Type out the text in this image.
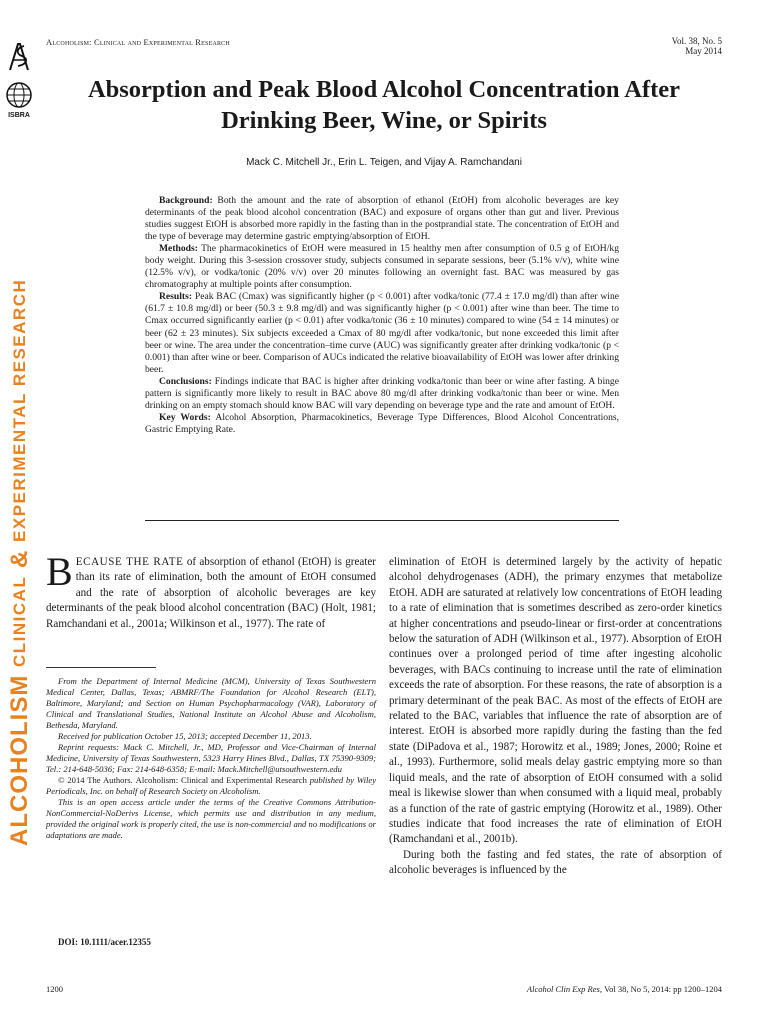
ISBRA
ALCOHOLISM CLINICAL & EXPERIMENTAL RESEARCH
Alcoholism: Clinical and Experimental Research	Vol. 38, No. 5
May 2014
Absorption and Peak Blood Alcohol Concentration After
Drinking Beer, Wine, or Spirits
Mack C. Mitchell Jr., Erin L. Teigen, and Vijay A. Ramchandani

Background: Both the amount and the rate of absorption of ethanol (EtOH) from alcoholic beverages are key determinants of the peak blood alcohol concentration (BAC) and exposure of organs other than gut and liver. Previous studies suggest EtOH is absorbed more rapidly in the fasting than in the postprandial state. The concentration of EtOH and the type of beverage may determine gastric emptying/absorption of EtOH.

Methods: The pharmacokinetics of EtOH were measured in 15 healthy men after consumption of 0.5 g of EtOH/kg body weight. During this 3-session crossover study, subjects consumed in separate sessions, beer (5.1% v/v), white wine (12.5% v/v), or vodka/tonic (20% v/v) over 20 minutes following an overnight fast. BAC was measured by gas chromatography at multiple points after consumption.

Results: Peak BAC (Cmax) was significantly higher (p < 0.001) after vodka/tonic (77.4 ± 17.0 mg/dl) than after wine (61.7 ± 10.8 mg/dl) or beer (50.3 ± 9.8 mg/dl) and was significantly higher (p < 0.001) after wine than beer. The time to Cmax occurred significantly earlier (p < 0.01) after vodka/tonic (36 ± 10 minutes) compared to wine (54 ± 14 minutes) or beer (62 ± 23 minutes). Six subjects exceeded a Cmax of 80 mg/dl after vodka/tonic, but none exceeded this limit after beer or wine. The area under the concentration–time curve (AUC) was significantly greater after drinking vodka/tonic (p < 0.001) than after wine or beer. Comparison of AUCs indicated the relative bioavailability of EtOH was lower after drinking beer.

Conclusions: Findings indicate that BAC is higher after drinking vodka/tonic than beer or wine after fasting. A binge pattern is significantly more likely to result in BAC above 80 mg/dl after drinking vodka/tonic than beer or wine. Men drinking on an empty stomach should know BAC will vary depending on beverage type and the rate and amount of EtOH.

Key Words: Alcohol Absorption, Pharmacokinetics, Beverage Type Differences, Blood Alcohol Concentrations, Gastric Emptying Rate.

BECAUSE THE RATE of absorption of ethanol (EtOH) is greater than its rate of elimination, both the amount of EtOH consumed and the rate of absorption of alcoholic beverages are key determinants of the peak blood alcohol concentration (BAC) (Holt, 1981; Ramchandani et al., 2001a; Wilkinson et al., 1977). The rate of

From the Department of Internal Medicine (MCM), University of Texas Southwestern Medical Center, Dallas, Texas; ABMRF/The Foundation for Alcohol Research (ELT), Baltimore, Maryland; and Section on Human Psychopharmacology (VAR), Laboratory of Clinical and Translational Studies, National Institute on Alcohol Abuse and Alcoholism, Bethesda, Maryland.

Received for publication October 15, 2013; accepted December 11, 2013.

Reprint requests: Mack C. Mitchell, Jr., MD, Professor and Vice-Chairman of Internal Medicine, University of Texas Southwestern, 5323 Harry Hines Blvd., Dallas, TX 75390-9309; Tel.: 214-648-5036; Fax: 214-648-6358; E-mail: Mack.Mitchell@utsouthwestern.edu

© 2014 The Authors. Alcoholism: Clinical and Experimental Research published by Wiley Periodicals, Inc. on behalf of Research Society on Alcoholism.

This is an open access article under the terms of the Creative Commons Attribution-NonCommercial-NoDerivs License, which permits use and distribution in any medium, provided the original work is properly cited, the use is non-commercial and no modifications or adaptations are made.

DOI: 10.1111/acer.12355

elimination of EtOH is determined largely by the activity of hepatic alcohol dehydrogenases (ADH), the primary enzymes that metabolize EtOH. ADH are saturated at relatively low concentrations of EtOH leading to a rate of elimination that is sometimes described as zero-order kinetics at higher concentrations and pseudo-linear or first-order at concentrations below the saturation of ADH (Wilkinson et al., 1977). Absorption of EtOH continues over a prolonged period of time after ingesting alcoholic beverages, with BACs continuing to increase until the rate of elimination exceeds the rate of absorption. For these reasons, the rate of absorption is a primary determinant of the peak BAC. As most of the effects of EtOH are related to the BAC, variables that influence the rate of absorption are of interest. EtOH is absorbed more rapidly during the fasting than the fed state (DiPadova et al., 1987; Horowitz et al., 1989; Jones, 2000; Roine et al., 1993). Furthermore, solid meals delay gastric emptying more so than liquid meals, and the rate of absorption of EtOH consumed with a solid meal is likewise slower than when consumed with a liquid meal, probably as a function of the rate of gastric emptying (Horowitz et al., 1989). Other studies indicate that food increases the rate of elimination of EtOH (Ramchandani et al., 2001b).

During both the fasting and fed states, the rate of absorption of alcoholic beverages is influenced by the

1200	Alcohol Clin Exp Res, Vol 38, No 5, 2014: pp 1200–1204
